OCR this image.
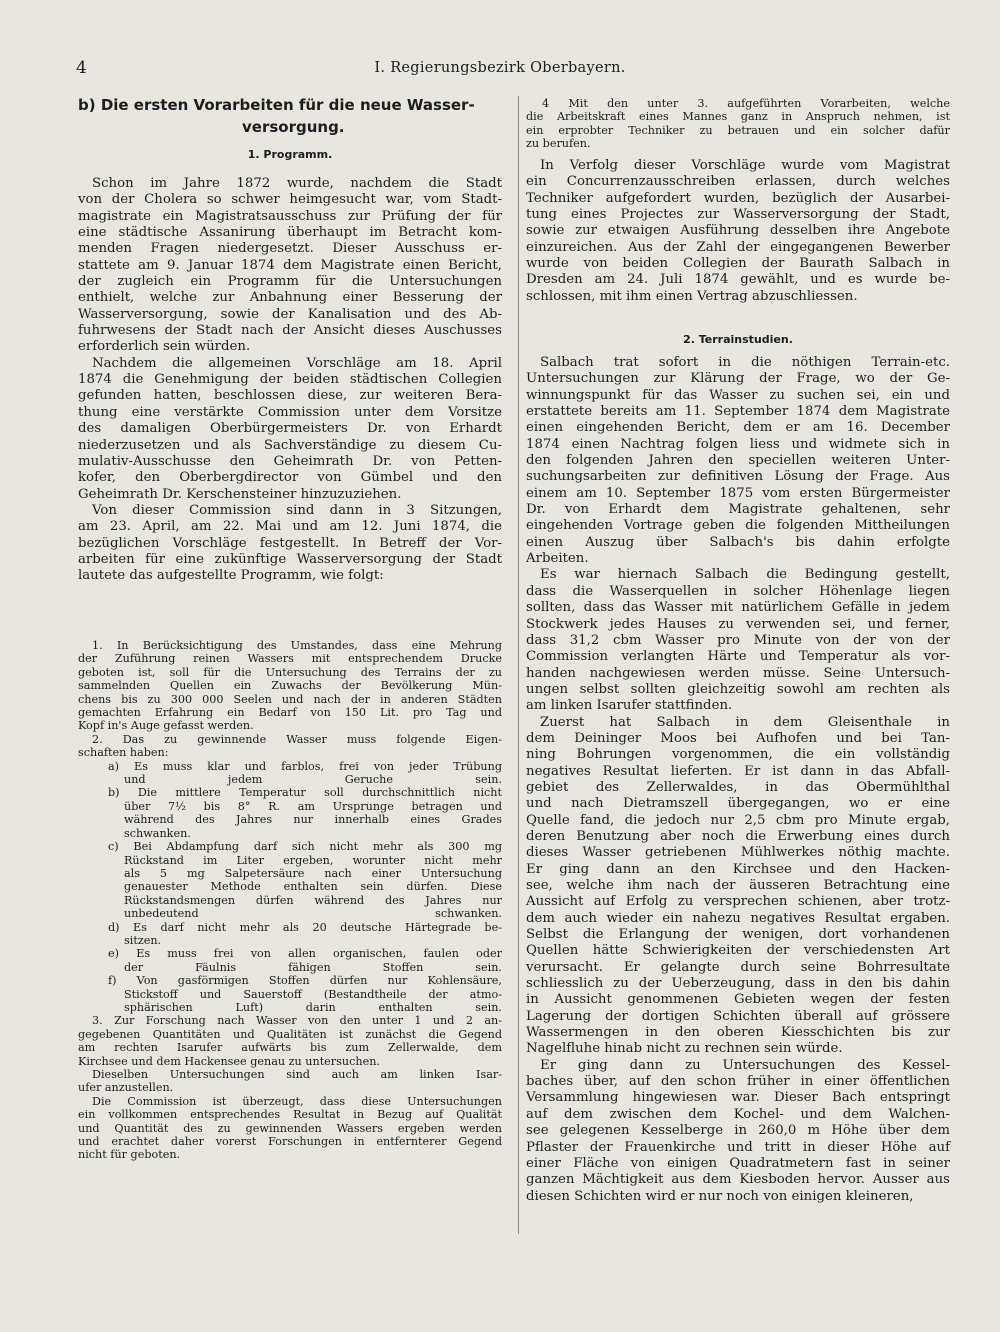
4	I. Regierungsbezirk Oberbayern.
b) Die ersten Vorarbeiten für die neue Wasser-
versorgung.
1. Programm.
Schon im Jahre 1872 wurde, nachdem die Stadt
von der Cholera so schwer heimgesucht war, vom Stadt-
magistrate ein Magistratsausschuss zur Prüfung der für
eine städtische Assanirung überhaupt im Betracht kom-
menden Fragen niedergesetzt. Dieser Ausschuss er-
stattete am 9. Januar 1874 dem Magistrate einen Bericht,
der zugleich ein Programm für die Untersuchungen
enthielt, welche zur Anbahnung einer Besserung der
Wasserversorgung, sowie der Kanalisation und des Ab-
fuhrwesens der Stadt nach der Ansicht dieses Auschusses
erforderlich sein würden.
Nachdem die allgemeinen Vorschläge am 18. April
1874 die Genehmigung der beiden städtischen Collegien
gefunden hatten, beschlossen diese, zur weiteren Bera-
thung eine verstärkte Commission unter dem Vorsitze
des damaligen Oberbürgermeisters Dr. von Erhardt
niederzusetzen und als Sachverständige zu diesem Cu-
mulativ-Ausschusse den Geheimrath Dr. von Petten-
kofer, den Oberbergdirector von Gümbel und den
Geheimrath Dr. Kerschensteiner hinzuzuziehen.
Von dieser Commission sind dann in 3 Sitzungen,
am 23. April, am 22. Mai und am 12. Juni 1874, die
bezüglichen Vorschläge festgestellt. In Betreff der Vor-
arbeiten für eine zukünftige Wasserversorgung der Stadt
lautete das aufgestellte Programm, wie folgt:
1. In Berücksichtigung des Umstandes, dass eine Mehrung
der Zuführung reinen Wassers mit entsprechendem Drucke
geboten ist, soll für die Untersuchung des Terrains der zu
sammelnden Quellen ein Zuwachs der Bevölkerung Mün-
chens bis zu 300 000 Seelen und nach der in anderen Städten
gemachten Erfahrung ein Bedarf von 150 Lit. pro Tag und
Kopf in's Auge gefasst werden.
2. Das zu gewinnende Wasser muss folgende Eigen-
schaften haben:
a) Es muss klar und farblos, frei von jeder Trübung
und jedem Geruche sein.
b) Die mittlere Temperatur soll durchschnittlich nicht
über 7½ bis 8° R. am Ursprunge betragen und
während des Jahres nur innerhalb eines Grades
schwanken.
c) Bei Abdampfung darf sich nicht mehr als 300 mg
Rückstand im Liter ergeben, worunter nicht mehr
als 5 mg Salpetersäure nach einer Untersuchung
genauester Methode enthalten sein dürfen. Diese
Rückstandsmengen dürfen während des Jahres nur
unbedeutend schwanken.
d) Es darf nicht mehr als 20 deutsche Härtegrade be-
sitzen.
e) Es muss frei von allen organischen, faulen oder
der Fäulnis fähigen Stoffen sein.
f) Von gasförmigen Stoffen dürfen nur Kohlensäure,
Stickstoff und Sauerstoff (Bestandtheile der atmo-
sphärischen Luft) darin enthalten sein.
3. Zur Forschung nach Wasser von den unter 1 und 2 an-
gegebenen Quantitäten und Qualitäten ist zunächst die Gegend
am rechten Isarufer aufwärts bis zum Zellerwalde, dem
Kirchsee und dem Hackensee genau zu untersuchen.
Dieselben Untersuchungen sind auch am linken Isar-
ufer anzustellen.
Die Commission ist überzeugt, dass diese Untersuchungen
ein vollkommen entsprechendes Resultat in Bezug auf Qualität
und Quantität des zu gewinnenden Wassers ergeben werden
und erachtet daher vorerst Forschungen in entfernterer Gegend
nicht für geboten.
2. Terrainstudien.
4 Mit den unter 3. aufgeführten Vorarbeiten, welche
die Arbeitskraft eines Mannes ganz in Anspruch nehmen, ist
ein erprobter Techniker zu betrauen und ein solcher dafür
zu berufen.
In Verfolg dieser Vorschläge wurde vom Magistrat
ein Concurrenzausschreiben erlassen, durch welches
Techniker aufgefordert wurden, bezüglich der Ausarbei-
tung eines Projectes zur Wasserversorgung der Stadt,
sowie zur etwaigen Ausführung desselben ihre Angebote
einzureichen. Aus der Zahl der eingegangenen Bewerber
wurde von beiden Collegien der Baurath Salbach in
Dresden am 24. Juli 1874 gewählt, und es wurde be-
schlossen, mit ihm einen Vertrag abzuschliessen.
Salbach trat sofort in die nöthigen Terrain-etc.
Untersuchungen zur Klärung der Frage, wo der Ge-
winnungspunkt für das Wasser zu suchen sei, ein und
erstattete bereits am 11. September 1874 dem Magistrate
einen eingehenden Bericht, dem er am 16. December
1874 einen Nachtrag folgen liess und widmete sich in
den folgenden Jahren den speciellen weiteren Unter-
suchungsarbeiten zur definitiven Lösung der Frage. Aus
einem am 10. September 1875 vom ersten Bürgermeister
Dr. von Erhardt dem Magistrate gehaltenen, sehr
eingehenden Vortrage geben die folgenden Mittheilungen
einen Auszug über Salbach's bis dahin erfolgte
Arbeiten.
Es war hiernach Salbach die Bedingung gestellt,
dass die Wasserquellen in solcher Höhenlage liegen
sollten, dass das Wasser mit natürlichem Gefälle in jedem
Stockwerk jedes Hauses zu verwenden sei, und ferner,
dass 31,2 cbm Wasser pro Minute von der von der
Commission verlangten Härte und Temperatur als vor-
handen nachgewiesen werden müsse. Seine Untersuch-
ungen selbst sollten gleichzeitig sowohl am rechten als
am linken Isarufer stattfinden.
Zuerst hat Salbach in dem Gleisenthale in
dem Deininger Moos bei Aufhofen und bei Tan-
ning Bohrungen vorgenommen, die ein vollständig
negatives Resultat lieferten. Er ist dann in das Abfall-
gebiet des Zellerwaldes, in das Obermühlthal
und nach Dietramszell übergegangen, wo er eine
Quelle fand, die jedoch nur 2,5 cbm pro Minute ergab,
deren Benutzung aber noch die Erwerbung eines durch
dieses Wasser getriebenen Mühlwerkes nöthig machte.
Er ging dann an den Kirchsee und den Hacken-
see, welche ihm nach der äusseren Betrachtung eine
Aussicht auf Erfolg zu versprechen schienen, aber trotz-
dem auch wieder ein nahezu negatives Resultat ergaben.
Selbst die Erlangung der wenigen, dort vorhandenen
Quellen hätte Schwierigkeiten der verschiedensten Art
verursacht. Er gelangte durch seine Bohrresultate
schliesslich zu der Ueberzeugung, dass in den bis dahin
in Aussicht genommenen Gebieten wegen der festen
Lagerung der dortigen Schichten überall auf grössere
Wassermengen in den oberen Kiesschichten bis zur
Nagelfluhe hinab nicht zu rechnen sein würde.
Er ging dann zu Untersuchungen des Kessel-
baches über, auf den schon früher in einer öffentlichen
Versammlung hingewiesen war. Dieser Bach entspringt
auf dem zwischen dem Kochel- und dem Walchen-
see gelegenen Kesselberge in 260,0 m Höhe über dem
Pflaster der Frauenkirche und tritt in dieser Höhe auf
einer Fläche von einigen Quadratmetern fast in seiner
ganzen Mächtigkeit aus dem Kiesboden hervor. Ausser aus
diesen Schichten wird er nur noch von einigen kleineren,
